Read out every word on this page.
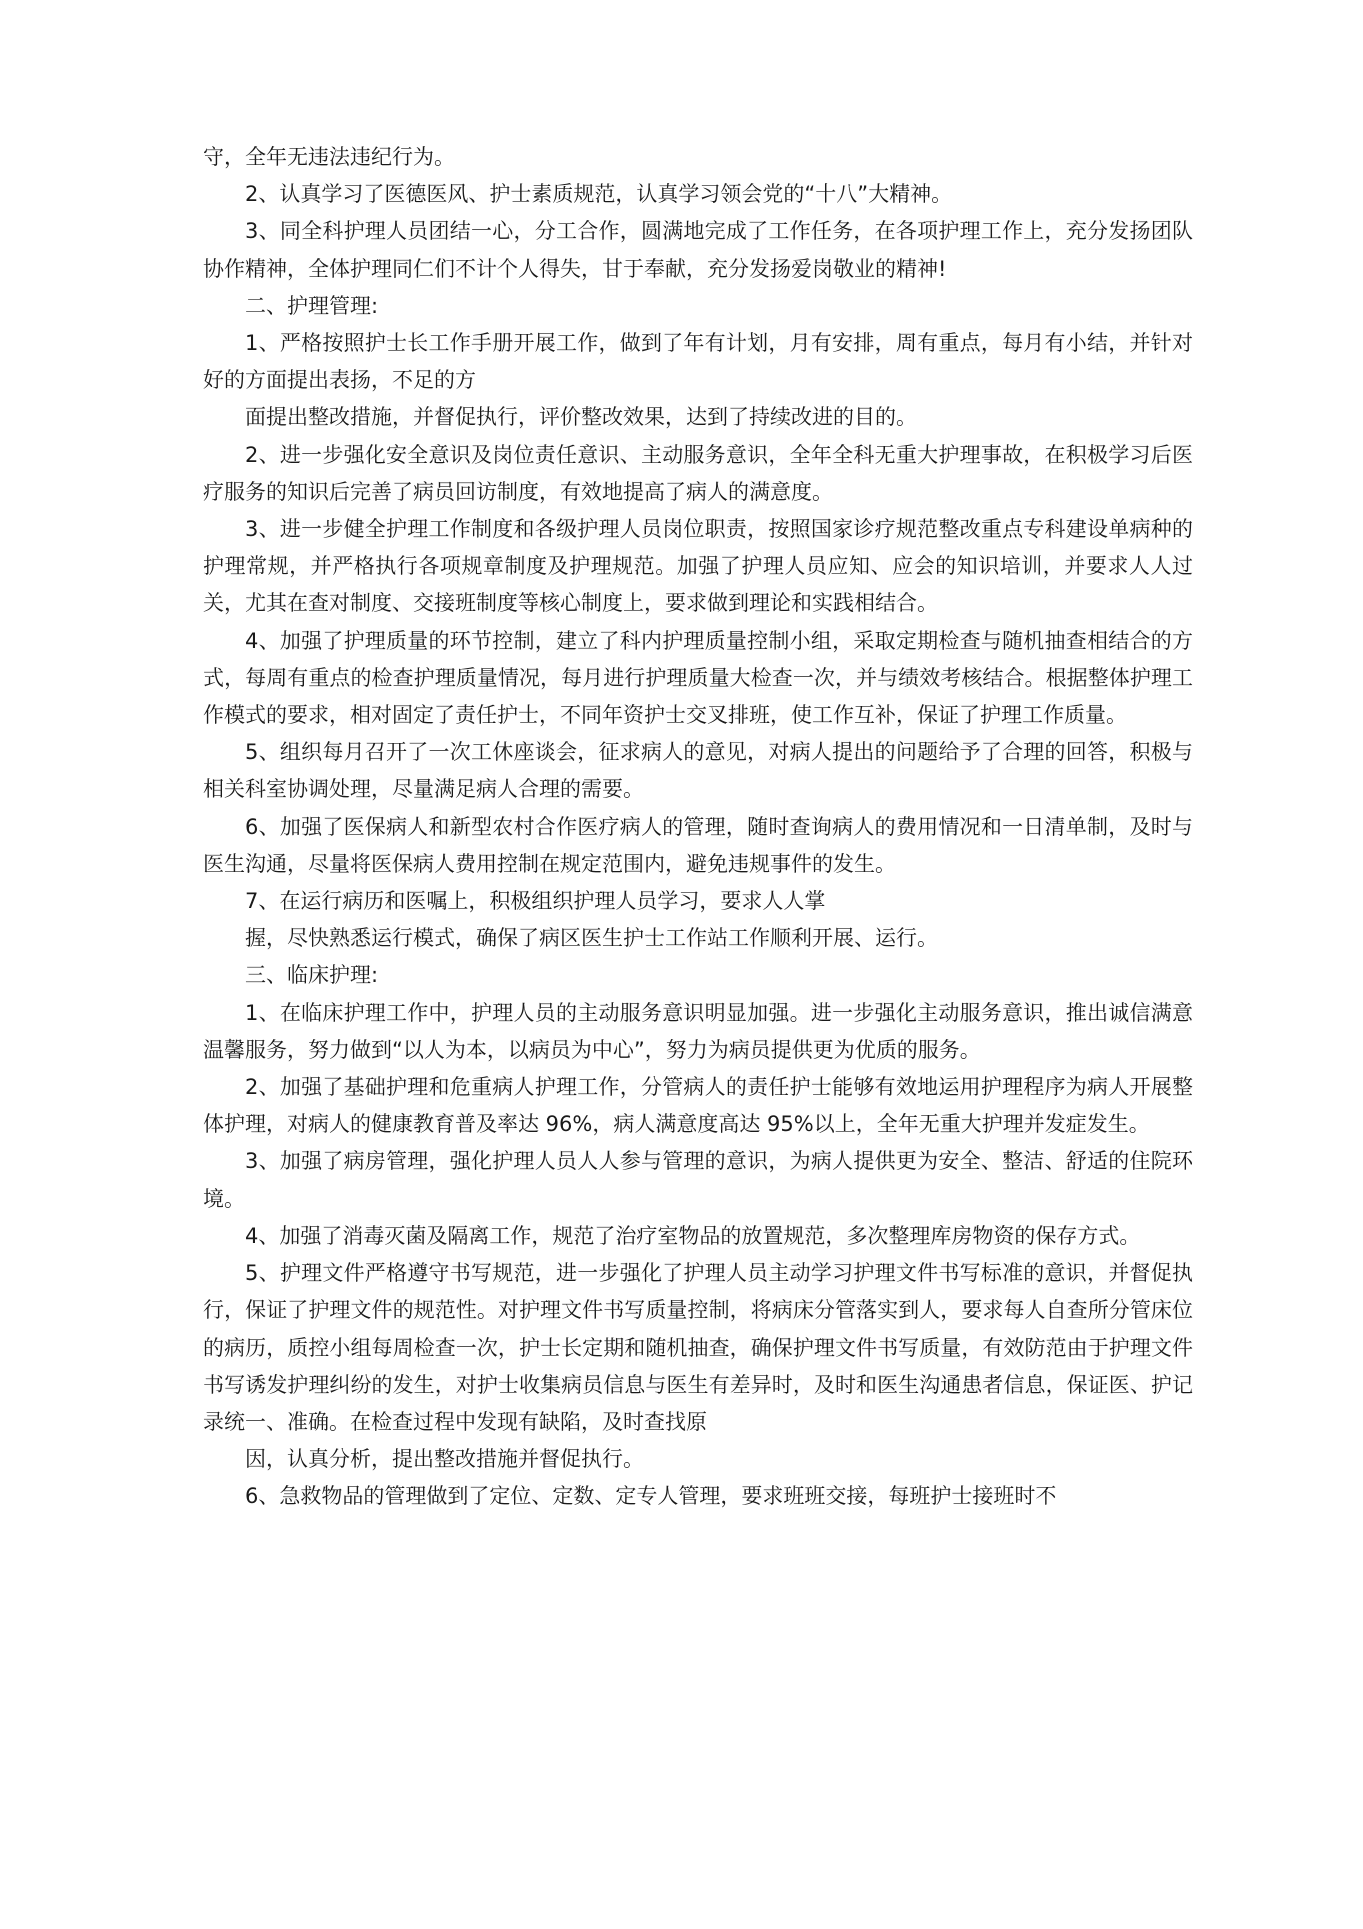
守，全年无违法违纪行为。

2、认真学习了医德医风、护士素质规范，认真学习领会党的“十八”大精神。

3、同全科护理人员团结一心，分工合作，圆满地完成了工作任务，在各项护理工作上，充分发扬团队协作精神，全体护理同仁们不计个人得失，甘于奉献，充分发扬爱岗敬业的精神!

二、护理管理:

1、严格按照护士长工作手册开展工作，做到了年有计划，月有安排，周有重点，每月有小结，并针对好的方面提出表扬，不足的方

面提出整改措施，并督促执行，评价整改效果，达到了持续改进的目的。

2、进一步强化安全意识及岗位责任意识、主动服务意识，全年全科无重大护理事故，在积极学习后医疗服务的知识后完善了病员回访制度，有效地提高了病人的满意度。

3、进一步健全护理工作制度和各级护理人员岗位职责，按照国家诊疗规范整改重点专科建设单病种的护理常规，并严格执行各项规章制度及护理规范。加强了护理人员应知、应会的知识培训，并要求人人过关，尤其在查对制度、交接班制度等核心制度上，要求做到理论和实践相结合。

4、加强了护理质量的环节控制，建立了科内护理质量控制小组，采取定期检查与随机抽查相结合的方式，每周有重点的检查护理质量情况，每月进行护理质量大检查一次，并与绩效考核结合。根据整体护理工作模式的要求，相对固定了责任护士，不同年资护士交叉排班，使工作互补，保证了护理工作质量。

5、组织每月召开了一次工休座谈会，征求病人的意见，对病人提出的问题给予了合理的回答，积极与相关科室协调处理，尽量满足病人合理的需要。

6、加强了医保病人和新型农村合作医疗病人的管理，随时查询病人的费用情况和一日清单制，及时与医生沟通，尽量将医保病人费用控制在规定范围内，避免违规事件的发生。

7、在运行病历和医嘱上，积极组织护理人员学习，要求人人掌

握，尽快熟悉运行模式，确保了病区医生护士工作站工作顺利开展、运行。

三、临床护理:

1、在临床护理工作中，护理人员的主动服务意识明显加强。进一步强化主动服务意识，推出诚信满意温馨服务，努力做到“以人为本，以病员为中心”，努力为病员提供更为优质的服务。

2、加强了基础护理和危重病人护理工作，分管病人的责任护士能够有效地运用护理程序为病人开展整体护理，对病人的健康教育普及率达 96%，病人满意度高达 95%以上，全年无重大护理并发症发生。

3、加强了病房管理，强化护理人员人人参与管理的意识，为病人提供更为安全、整洁、舒适的住院环境。

4、加强了消毒灭菌及隔离工作，规范了治疗室物品的放置规范，多次整理库房物资的保存方式。

5、护理文件严格遵守书写规范，进一步强化了护理人员主动学习护理文件书写标准的意识，并督促执行，保证了护理文件的规范性。对护理文件书写质量控制，将病床分管落实到人，要求每人自查所分管床位的病历，质控小组每周检查一次，护士长定期和随机抽查，确保护理文件书写质量，有效防范由于护理文件书写诱发护理纠纷的发生，对护士收集病员信息与医生有差异时，及时和医生沟通患者信息，保证医、护记录统一、准确。在检查过程中发现有缺陷，及时查找原

因，认真分析，提出整改措施并督促执行。

6、急救物品的管理做到了定位、定数、定专人管理，要求班班交接，每班护士接班时不
